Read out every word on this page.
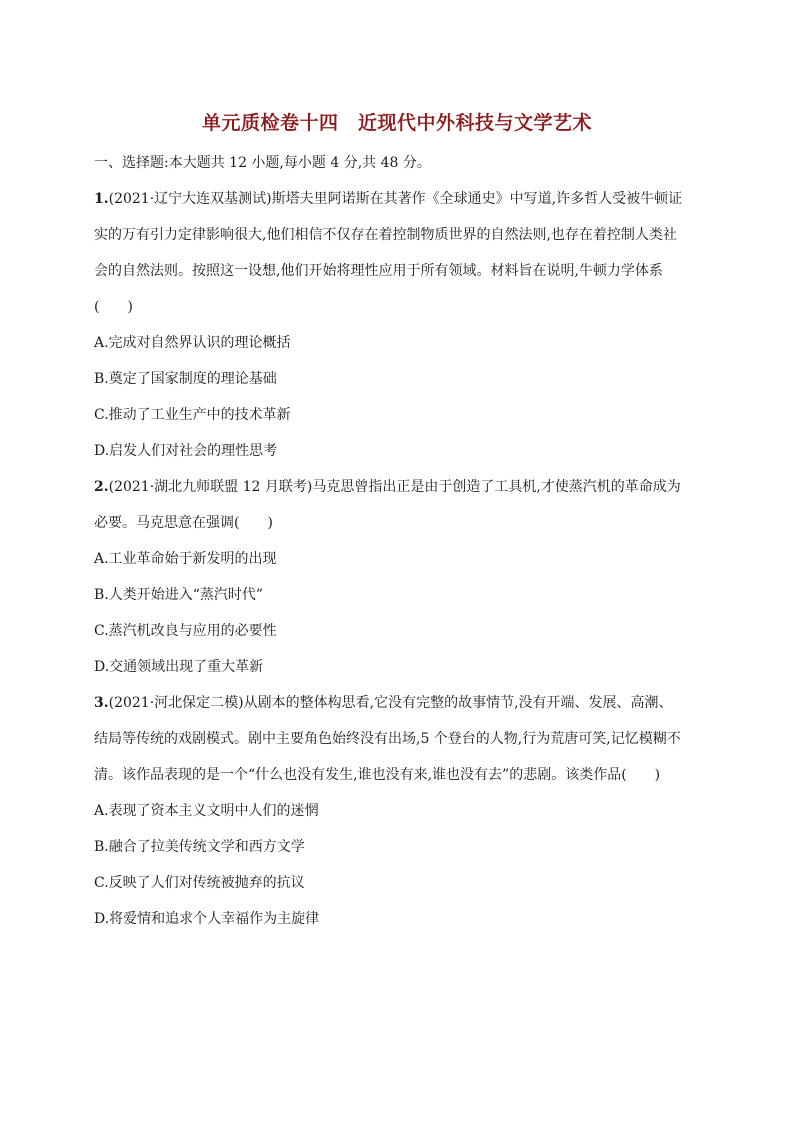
单元质检卷十四　近现代中外科技与文学艺术
一、选择题:本大题共 12 小题,每小题 4 分,共 48 分。
1.(2021·辽宁大连双基测试)斯塔夫里阿诺斯在其著作《全球通史》中写道,许多哲人受被牛顿证
实的万有引力定律影响很大,他们相信不仅存在着控制物质世界的自然法则,也存在着控制人类社
会的自然法则。按照这一设想,他们开始将理性应用于所有领域。材料旨在说明,牛顿力学体系
(　　)
A.完成对自然界认识的理论概括
B.奠定了国家制度的理论基础
C.推动了工业生产中的技术革新
D.启发人们对社会的理性思考
2.(2021·湖北九师联盟 12 月联考)马克思曾指出正是由于创造了工具机,才使蒸汽机的革命成为
必要。马克思意在强调(　　)
A.工业革命始于新发明的出现
B.人类开始进入“蒸汽时代”
C.蒸汽机改良与应用的必要性
D.交通领域出现了重大革新
3.(2021·河北保定二模)从剧本的整体构思看,它没有完整的故事情节,没有开端、发展、高潮、
结局等传统的戏剧模式。剧中主要角色始终没有出场,5 个登台的人物,行为荒唐可笑,记忆模糊不
清。该作品表现的是一个“什么也没有发生,谁也没有来,谁也没有去”的悲剧。该类作品(　　)
A.表现了资本主义文明中人们的迷惘
B.融合了拉美传统文学和西方文学
C.反映了人们对传统被抛弃的抗议
D.将爱情和追求个人幸福作为主旋律
